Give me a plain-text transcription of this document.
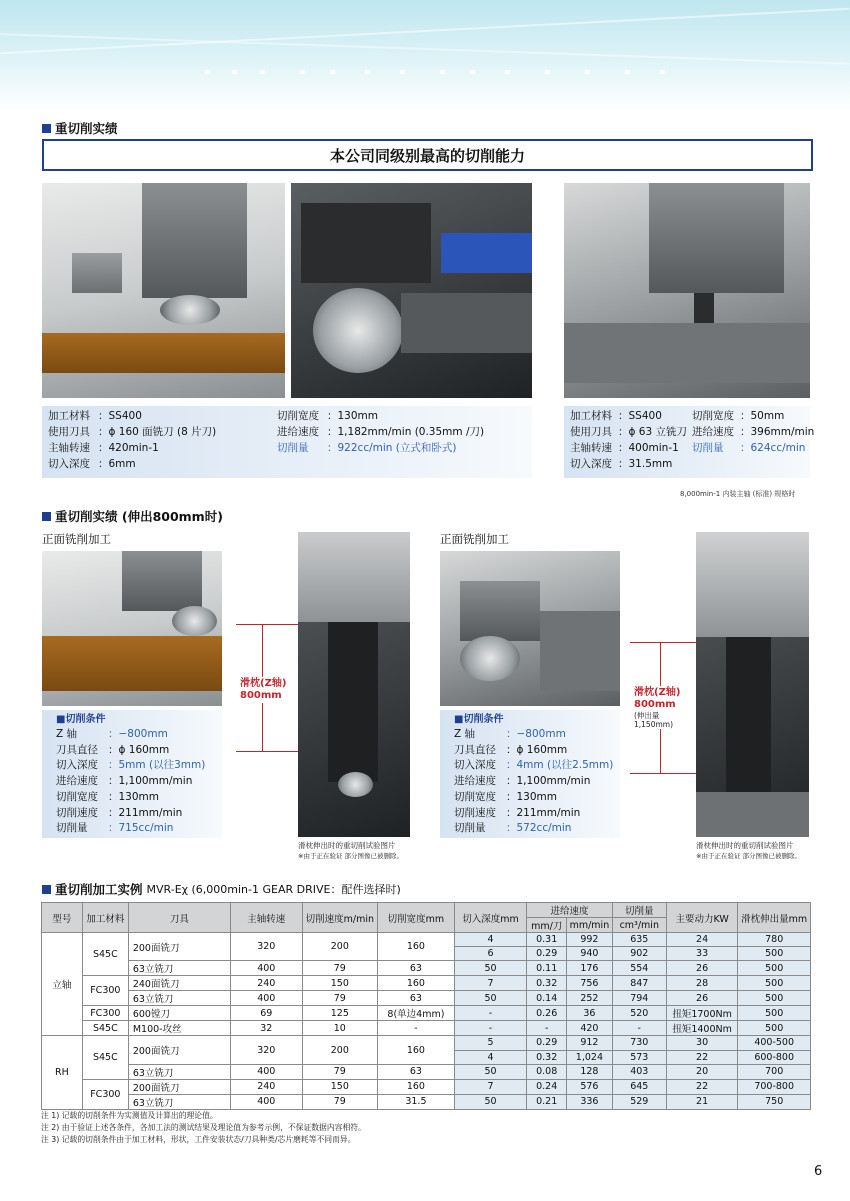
重切削实绩
本公司同级别最高的切削能力
加工材料 ：SS400
使用刀具 ：ϕ 160 面铣刀 (8 片刀)
主轴转速 ：420min-1
切入深度 ：6mm
切削宽度 ：130mm
进给速度 ：1,182mm/min (0.35mm /刀)
切削量	：922cc/min (立式和卧式)
加工材料 ：SS400
使用刀具 ：ϕ 63 立铣刀
主轴转速 ：400min-1
切入深度 ：31.5mm
切削宽度 ：50mm
进给速度 ：396mm/min
切削量	：624cc/min
8,000min-1 内装主轴 (标准) 规格时
重切削实绩 (伸出800mm时)
正面铣削加工	正面铣削加工
■切削条件
Z 轴	：−800mm
刀具直径 ：ϕ 160mm
切入深度 ：5mm (以往3mm)
进给速度 ：1,100mm/min
切削宽度 ：130mm
切削速度 ：211mm/min
切削量	：715cc/min
滑枕(Z轴)
800mm
滑枕伸出时的重切削试验图片
※由于正在验证 部分图像已被删除。
■切削条件
Z 轴	：−800mm
刀具直径 ：ϕ 160mm
切入深度 ：4mm (以往2.5mm)
进给速度 ：1,100mm/min
切削宽度 ：130mm
切削速度 ：211mm/min
切削量	：572cc/min
滑枕(Z轴)
800mm
(伸出量
1,150mm)
滑枕伸出时的重切削试验图片
※由于正在验证 部分图像已被删除。
重切削加工实例 MVR-Eχ (6,000min-1 GEAR DRIVE：配件选择时)
型号	加工材料	刀具	主轴转速	切削速度m/min	切削宽度mm	切入深度mm	进给速度		切削量	主要动力KW	滑枕伸出量mm
							mm/刀	mm/min	cm³/min		
立轴	S45C	200面铣刀	320	200	160	4	0.31	992	635	24	780
						6	0.29	940	902	33	500
		63立铣刀	400	79	63	50	0.11	176	554	26	500
	FC300	240面铣刀	240	150	160	7	0.32	756	847	28	500
		63立铣刀	400	79	63	50	0.14	252	794	26	500
	FC300	600镗刀	69	125	8(单边4mm)	-	0.26	36	520	扭矩1700Nm	500
	S45C	M100-攻丝	32	10	-	-	-	420	-	扭矩1400Nm	500
RH	S45C	200面铣刀	320	200	160	5	0.29	912	730	30	400-500
						4	0.32	1,024	573	22	600-800
		63立铣刀	400	79	63	50	0.08	128	403	20	700
	FC300	200面铣刀	240	150	160	7	0.24	576	645	22	700-800
		63立铣刀	400	79	31.5	50	0.21	336	529	21	750
注 1) 记载的切削条件为实测值及计算出的理论值。
注 2) 由于验证上述各条件，各加工法的测试结果及理论值为参考示例，不保证数据内容相符。
注 3) 记载的切削条件由于加工材料，形状，工件安装状态/刀具种类/芯片磨耗等不同而异。
6
